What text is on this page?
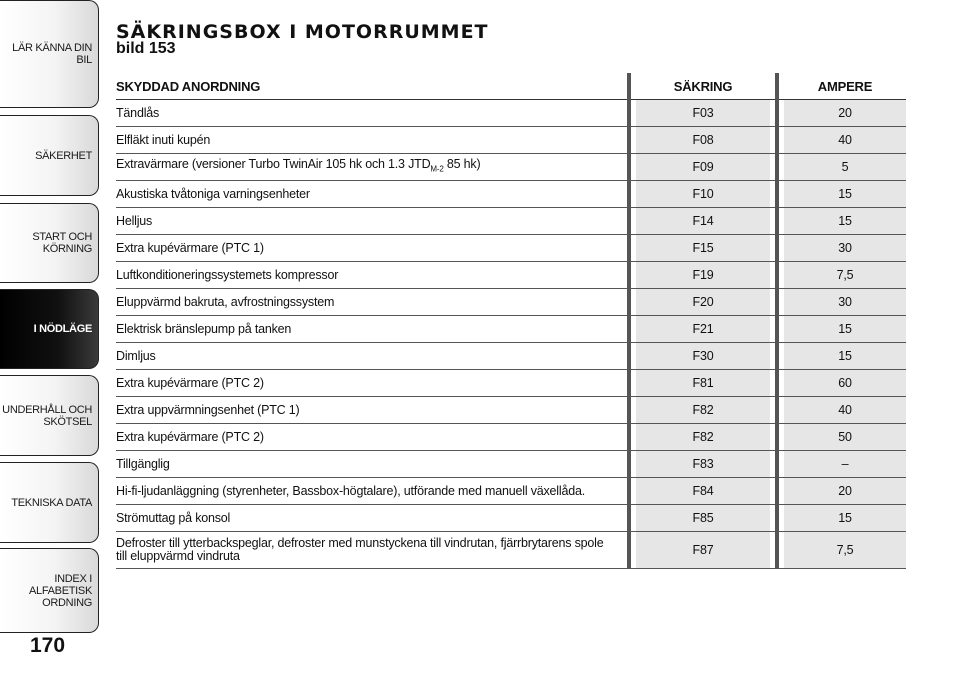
LÄR KÄNNA DIN BIL
SÄKERHET
START OCH
KÖRNING
I NÖDLÄGE
UNDERHÅLL OCH
SKÖTSEL
TEKNISKA DATA
INDEX I ALFABETISK
ORDNING
170
SÄKRINGSBOX I MOTORRUMMET
bild 153
SKYDDAD ANORDNING		SÄKRING		AMPERE
Tändlås		F03		20
Elfläkt inuti kupén		F08		40
Extravärmare (versioner Turbo TwinAir 105 hk och 1.3 $JTD_{M-2}$ 85 hk)		F09		5
Akustiska tvåtoniga varningsenheter		F10		15
Helljus		F14		15
Extra kupévärmare (PTC 1)		F15		30
Luftkonditioneringssystemets kompressor		F19		7,5
Eluppvärmd bakruta, avfrostningssystem		F20		30
Elektrisk bränslepump på tanken		F21		15
Dimljus		F30		15
Extra kupévärmare (PTC 2)		F81		60
Extra uppvärmningsenhet (PTC 1)		F82		40
Extra kupévärmare (PTC 2)		F82		50
Tillgänglig		F83		–
Hi-fi-ljudanläggning (styrenheter, Bassbox-högtalare), utförande med manuell växellåda.		F84		20
Strömuttag på konsol		F85		15
Defroster till ytterbackspeglar, defroster med munstyckena till vindrutan, fjärrbrytarens spole till eluppvärmd vindruta		F87		7,5
